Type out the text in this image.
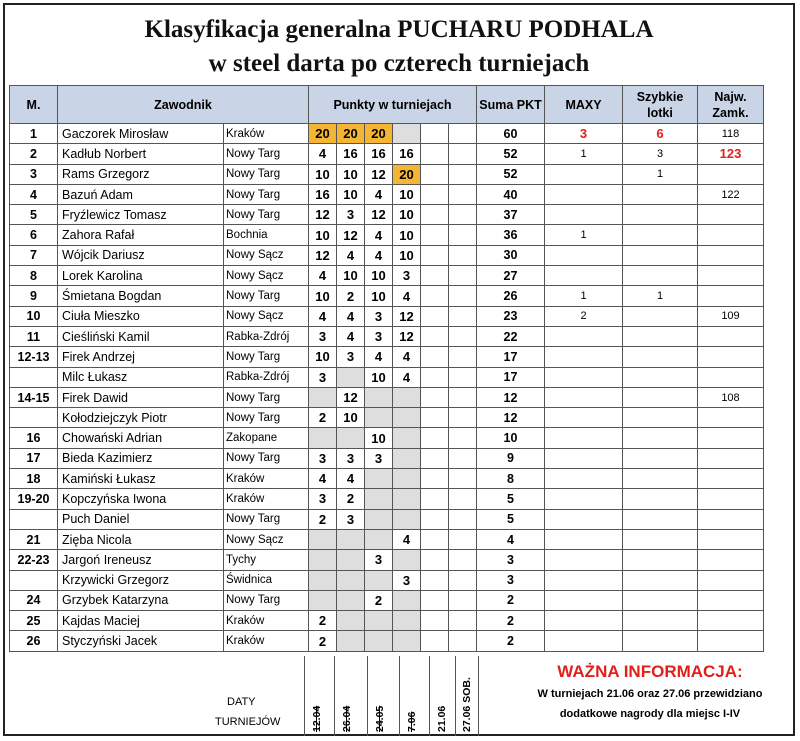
Klasyfikacja generalna PUCHARU PODHALA
w steel darta po czterech turniejach
M.	Zawodnik		Punkty w turniejach						Suma PKT	MAXY	Szybkie lotki	Najw. Zamk.
1	Gaczorek Mirosław	Kraków	20	20	20				60	3	6	118
2	Kadłub Norbert	Nowy Targ	4	16	16	16			52	1	3	123
3	Rams Grzegorz	Nowy Targ	10	10	12	20			52		1	
4	Bazuń Adam	Nowy Targ	16	10	4	10			40			122
5	Fryźlewicz Tomasz	Nowy Targ	12	3	12	10			37			
6	Zahora Rafał	Bochnia	10	12	4	10			36	1		
7	Wójcik Dariusz	Nowy Sącz	12	4	4	10			30			
8	Lorek Karolina	Nowy Sącz	4	10	10	3			27			
9	Śmietana Bogdan	Nowy Targ	10	2	10	4			26	1	1	
10	Ciuła Mieszko	Nowy Sącz	4	4	3	12			23	2		109
11	Cieśliński Kamil	Rabka-Zdrój	3	4	3	12			22			
12-13	Firek Andrzej	Nowy Targ	10	3	4	4			17			
	Milc Łukasz	Rabka-Zdrój	3		10	4			17			
14-15	Firek Dawid	Nowy Targ		12					12			108
	Kołodziejczyk Piotr	Nowy Targ	2	10					12			
16	Chowański Adrian	Zakopane			10				10			
17	Bieda Kazimierz	Nowy Targ	3	3	3				9			
18	Kamiński Łukasz	Kraków	4	4					8			
19-20	Kopczyńska Iwona	Kraków	3	2					5			
	Puch Daniel	Nowy Targ	2	3					5			
21	Zięba Nicola	Nowy Sącz				4			4			
22-23	Jargoń Ireneusz	Tychy			3				3			
	Krzywicki Grzegorz	Świdnica				3			3			
24	Grzybek Katarzyna	Nowy Targ			2				2			
25	Kajdas Maciej	Kraków	2						2			
26	Styczyński Jacek	Kraków	2						2			
DATY
TURNIEJÓW	12.04 26.04 24.05 7.06 21.06 27.06 SOB.
WAŻNA INFORMACJA:
W turniejach 21.06 oraz 27.06 przewidziano
dodatkowe nagrody dla miejsc I-IV
